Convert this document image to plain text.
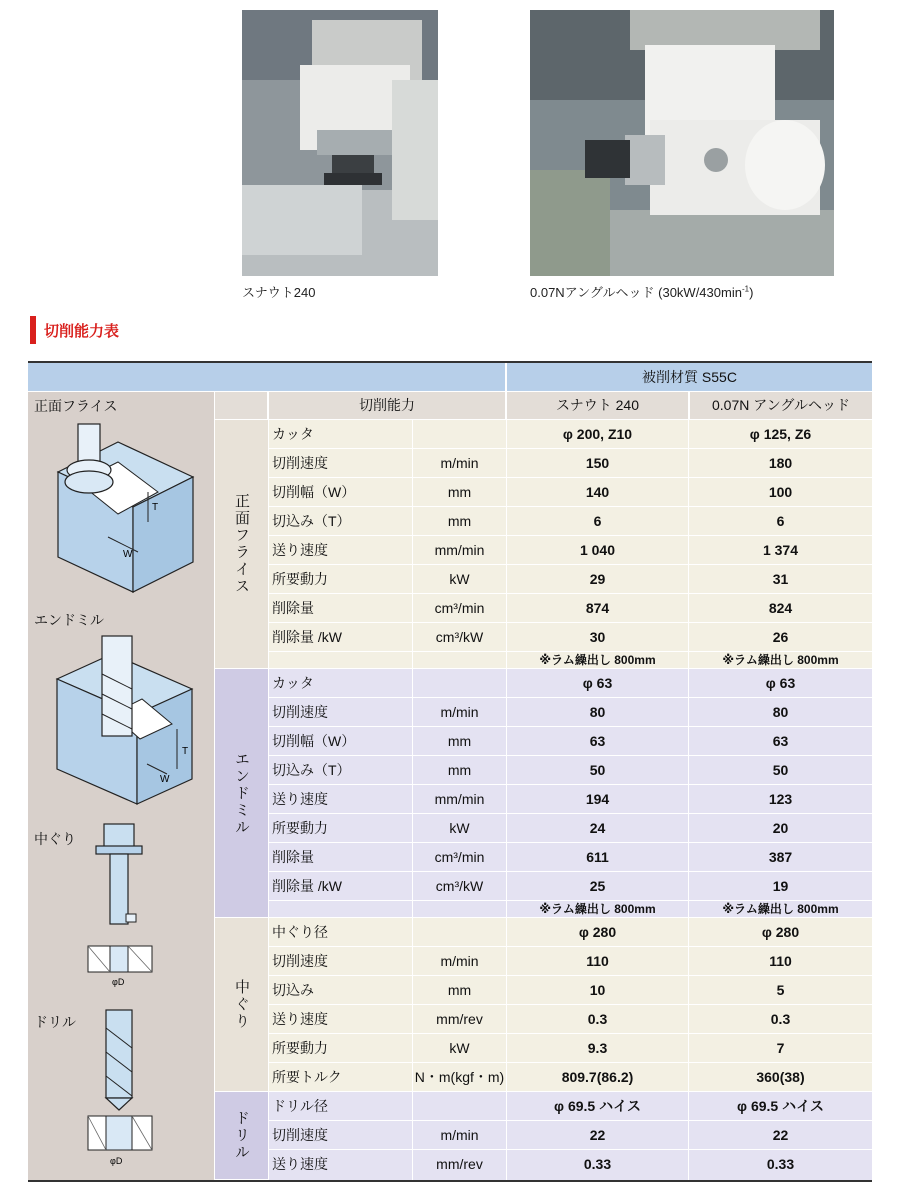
スナウト240	0.07Nアングルヘッド $(30kW/430\min^{-1})$
切削能力表
被削材質 S55C
切削能力	スナウト 240	0.07N アングルヘッド
正面フライス
T
W
エンドミル
T
W
中ぐり
φD
ドリル
φD
正面フライス
エンドミル
中ぐり
ドリル
カッタ	φ 200, Z10	φ 125, Z6
切削速度	m/min	150	180
切削幅（W）	mm	140	100
切込み（T）	mm	6	6
送り速度	mm/min	1 040	1 374
所要動力	kW	29	31
削除量	cm³/min	874	824
削除量 /kW	cm³/kW	30	26
※ラム繰出し 800mm	※ラム繰出し 800mm
カッタ	φ 63	φ 63
切削速度	m/min	80	80
切削幅（W）	mm	63	63
切込み（T）	mm	50	50
送り速度	mm/min	194	123
所要動力	kW	24	20
削除量	cm³/min	611	387
削除量 /kW	cm³/kW	25	19
※ラム繰出し 800mm	※ラム繰出し 800mm
中ぐり径	φ 280	φ 280
切削速度	m/min	110	110
切込み	mm	10	5
送り速度	mm/rev	0.3	0.3
所要動力	kW	9.3	7
所要トルク	N・m(kgf・m)	809.7(86.2)	360(38)
ドリル径	φ 69.5 ハイス	φ 69.5 ハイス
切削速度	m/min	22	22
送り速度	mm/rev	0.33	0.33
